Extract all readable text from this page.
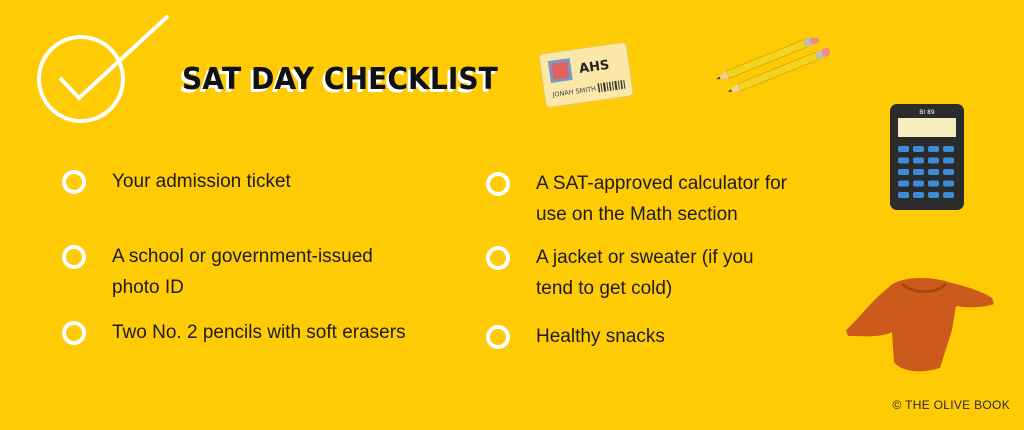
SAT DAY CHECKLIST
Your admission ticket
A school or government-issued photo ID
Two No. 2 pencils with soft erasers
A SAT-approved calculator for use on the Math section
A jacket or sweater (if you tend to get cold)
Healthy snacks
AHS
JONAH SMITH
BI 89
© THE OLIVE BOOK
